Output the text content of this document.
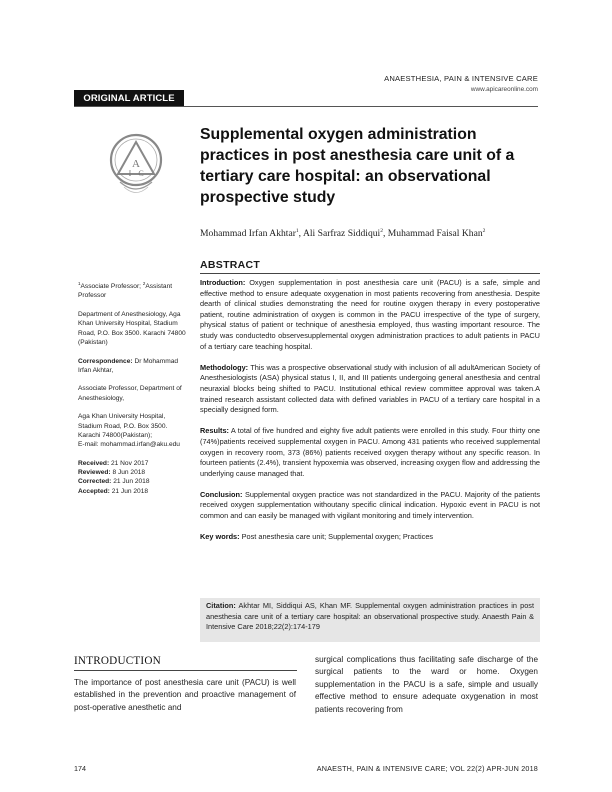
ANAESTHESIA, PAIN & INTENSIVE CARE
www.apicareonline.com
ORIGINAL ARTICLE
A
I C
Supplemental oxygen administration practices in post anesthesia care unit of a tertiary care hospital: an observational prospective study
Mohammad Irfan Akhtar$^1$, Ali Sarfraz Siddiqui$^2$, Muhammad Faisal Khan$^2$
ABSTRACT

Introduction: Oxygen supplementation in post anesthesia care unit (PACU) is a safe, simple and effective method to ensure adequate oxygenation in most patients recovering from anesthesia. Despite dearth of clinical studies demonstrating the need for routine oxygen therapy in every postoperative patient, routine administration of oxygen is common in the PACU irrespective of the type of surgery, physical status of patient or technique of anesthesia employed, thus wasting important resource. The study was conductedto observesupplemental oxygen administration practices to adult patients in PACU of a tertiary care teaching hospital.

Methodology: This was a prospective observational study with inclusion of all adultAmerican Society of Anesthesiologists (ASA) physical status I, II, and III patients undergoing general anesthesia and central neuraxial blocks being shifted to PACU. Institutional ethical review committee approval was taken.A trained research assistant collected data with defined variables in PACU of a tertiary care hospital in a specially designed form.

Results: A total of five hundred and eighty five adult patients were enrolled in this study. Four thirty one (74%)patients received supplemental oxygen in PACU. Among 431 patients who received supplemental oxygen in recovery room, 373 (86%) patients received oxygen therapy without any specific reason. In fourteen patients (2.4%), transient hypoxemia was observed, increasing oxygen flow and addressing the underlying cause managed that.

Conclusion: Supplemental oxygen practice was not standardized in the PACU. Majority of the patients received oxygen supplementation withoutany specific clinical indication. Hypoxic event in PACU is not common and can easily be managed with vigilant monitoring and timely intervention.

Key words: Post anesthesia care unit; Supplemental oxygen; Practices

$^1$Associate Professor; $^2$Assistant Professor

Department of Anesthesiology, Aga Khan University Hospital, Stadium Road, P.O. Box 3500. Karachi 74800 (Pakistan)

Correspondence: Dr Mohammad Irfan Akhtar,

Associate Professor, Department of Anesthesiology,

Aga Khan University Hospital, Stadium Road, P.O. Box 3500. Karachi 74800(Pakistan);
E-mail: mohammad.irfan@aku.edu

Received: 21 Nov 2017
Reviewed: 8 Jun 2018
Corrected: 21 Jun 2018
Accepted: 21 Jun 2018

Citation: Akhtar MI, Siddiqui AS, Khan MF. Supplemental oxygen administration practices in post anesthesia care unit of a tertiary care hospital: an observational prospective study. Anaesth Pain & Intensive Care 2018;22(2):174-179
INTRODUCTION

The importance of post anesthesia care unit (PACU) is well established in the prevention and proactive management of post-operative anesthetic and

surgical complications thus facilitating safe discharge of the surgical patients to the ward or home. Oxygen supplementation in the PACU is a safe, simple and usually effective method to ensure adequate oxygenation in most patients recovering from

174	ANAESTH, PAIN & INTENSIVE CARE; VOL 22(2) APR-JUN 2018
